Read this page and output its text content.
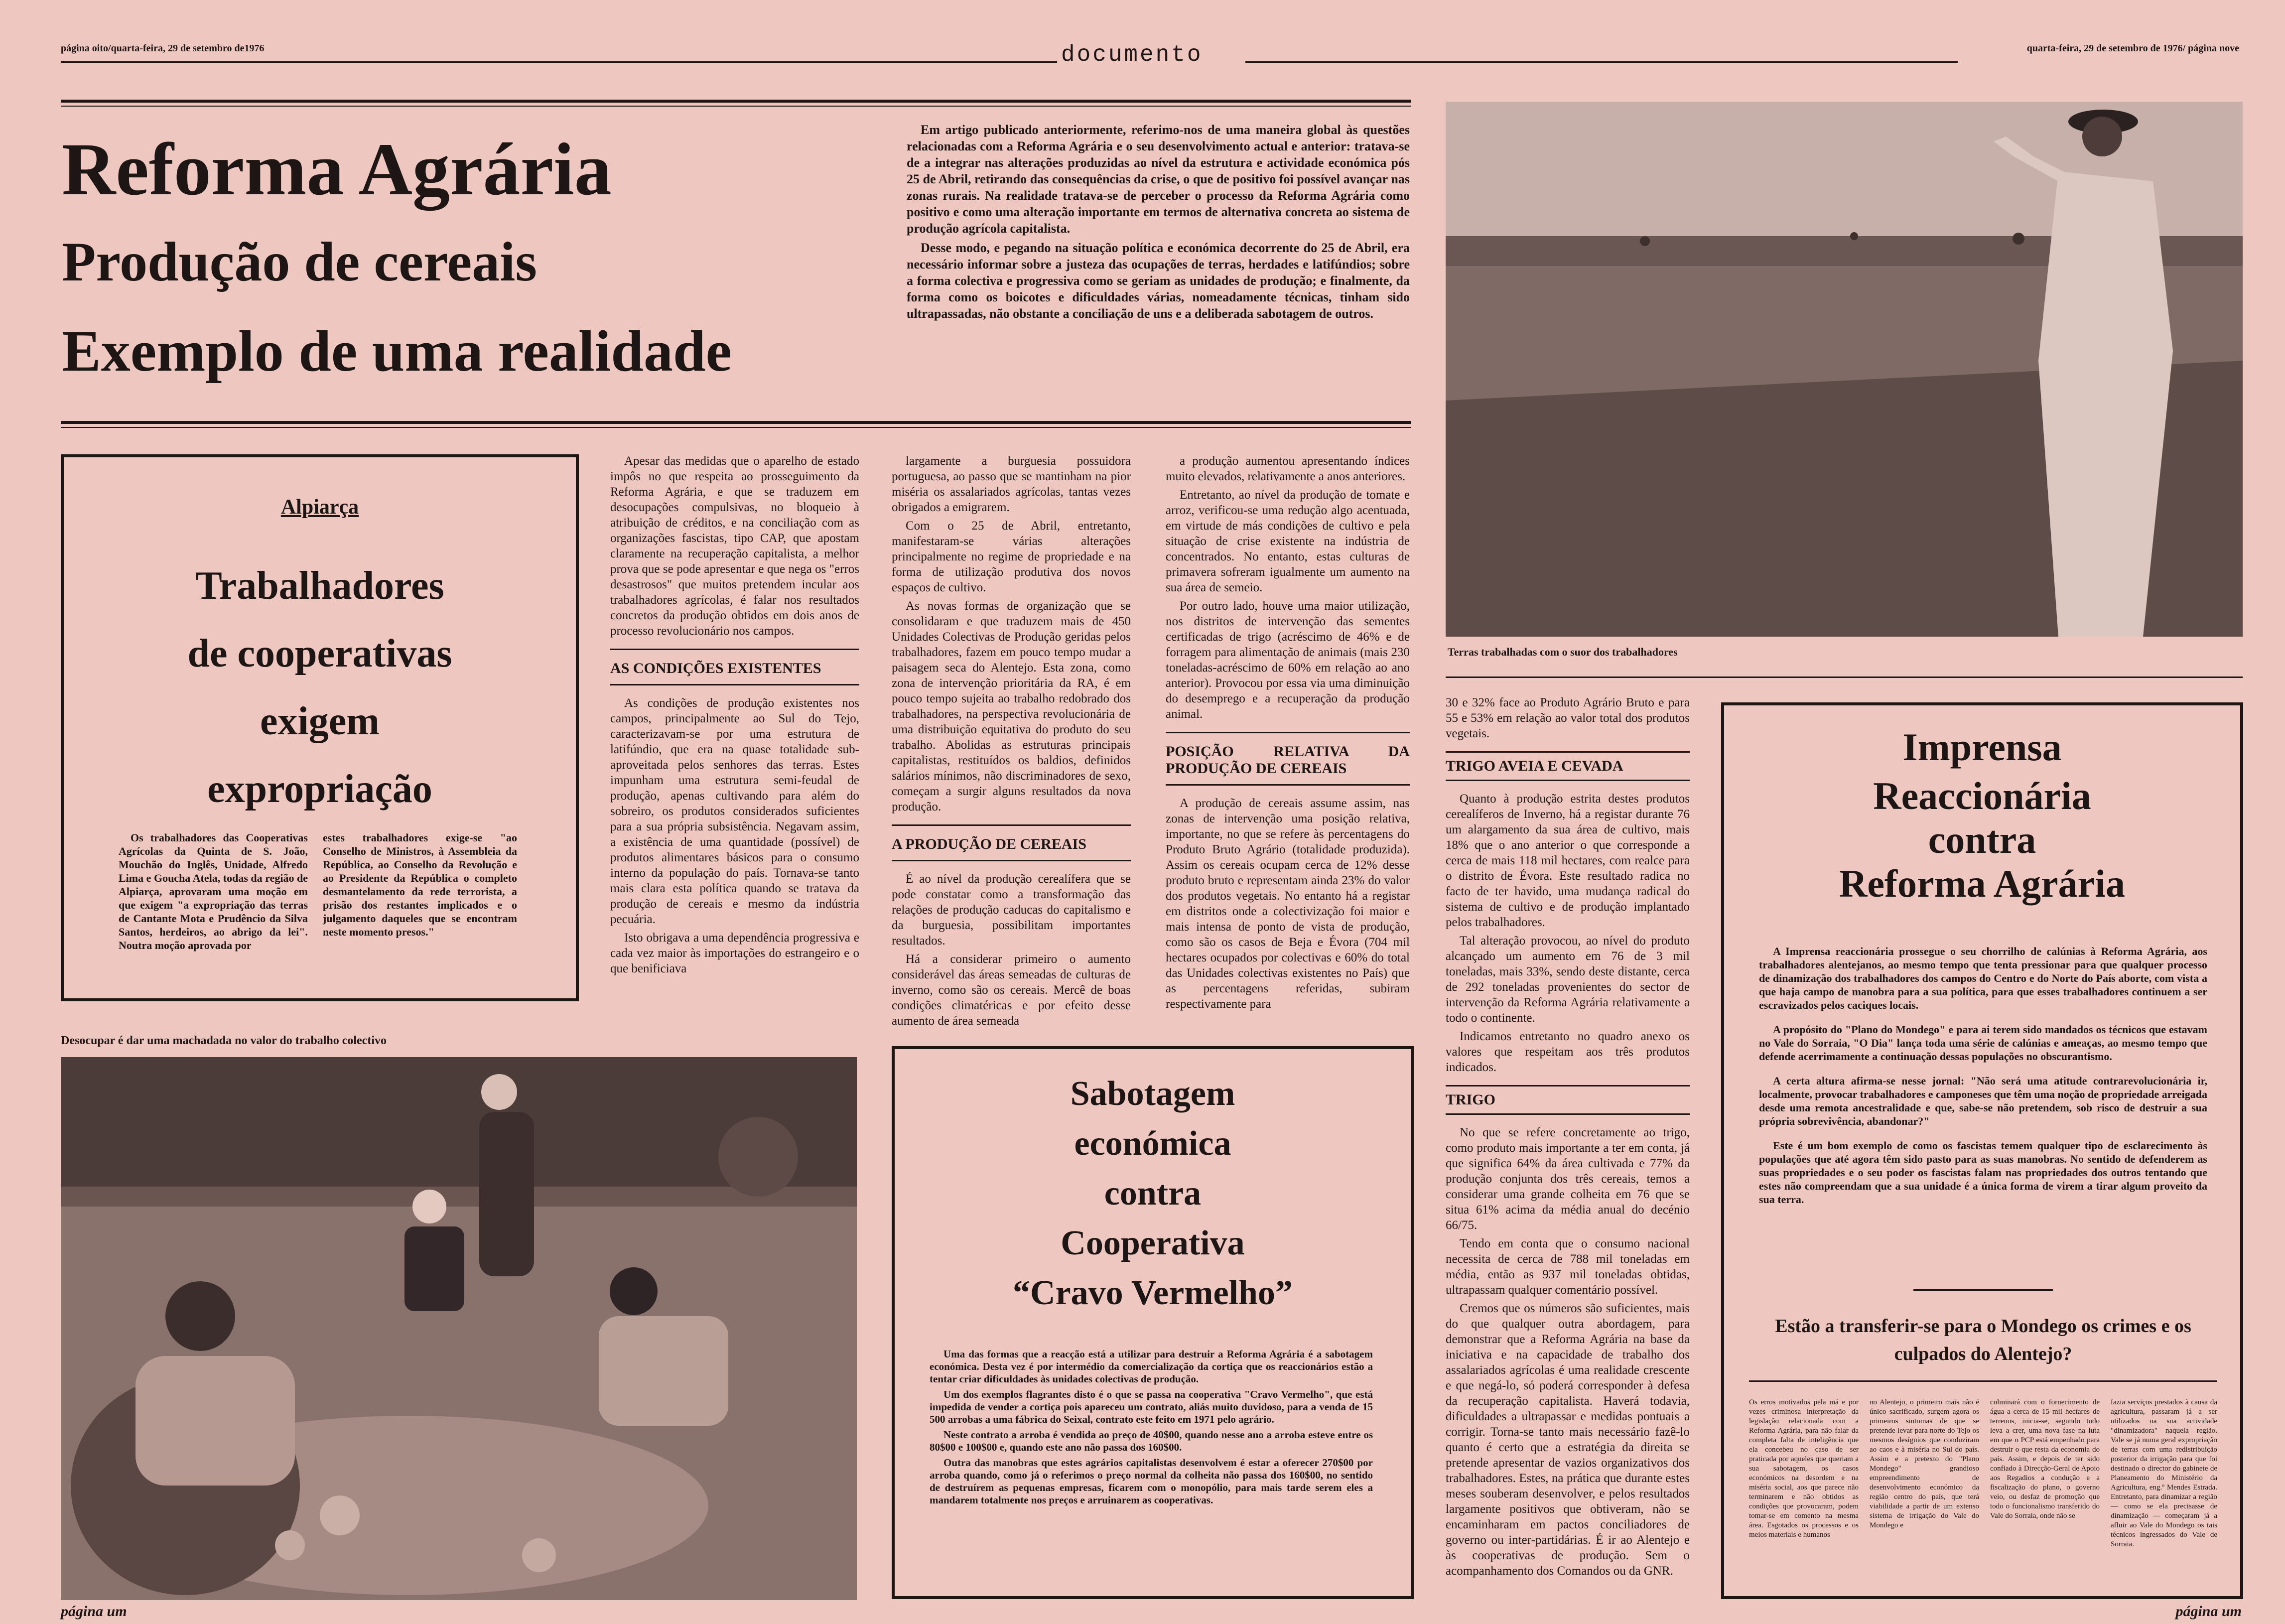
página oito/quarta-feira, 29 de setembro de1976	documento	quarta-feira, 29 de setembro de 1976/ página nove
Reforma Agrária
Produção de cereais
Exemplo de uma realidade

Em artigo publicado anteriormente, referimo-nos de uma maneira global às questões relacionadas com a Reforma Agrária e o seu desenvolvimento actual e anterior: tratava-se de a integrar nas alterações produzidas ao nível da estrutura e actividade económica pós 25 de Abril, retirando das consequências da crise, o que de positivo foi possível avançar nas zonas rurais. Na realidade tratava-se de perceber o processo da Reforma Agrária como positivo e como uma alteração importante em termos de alternativa concreta ao sistema de produção agrícola capitalista.

Desse modo, e pegando na situação política e económica decorrente do 25 de Abril, era necessário informar sobre a justeza das ocupações de terras, herdades e latifúndios; sobre a forma colectiva e progressiva como se geriam as unidades de produção; e finalmente, da forma como os boicotes e dificuldades várias, nomeadamente técnicas, tinham sido ultrapassadas, não obstante a conciliação de uns e a deliberada sabotagem de outros.

Alpiarça
Trabalhadores
de cooperativas
exigem
expropriação
Os trabalhadores das Cooperativas Agrícolas da Quinta de S. João, Mouchão do Inglês, Unidade, Alfredo Lima e Goucha Atela, todas da região de Alpiarça, aprovaram uma moção em que exigem "a expropriação das terras de Cantante Mota e Prudêncio da Silva Santos, herdeiros, ao abrigo da lei". Noutra moção aprovada por
estes trabalhadores exige-se "ao Conselho de Ministros, à Assembleia da República, ao Conselho da Revolução e ao Presidente da República o completo desmantelamento da rede terrorista, a prisão dos restantes implicados e o julgamento daqueles que se encontram neste momento presos."

Apesar das medidas que o aparelho de estado impôs no que respeita ao prosseguimento da Reforma Agrária, e que se traduzem em desocupações compulsivas, no bloqueio à atribuição de créditos, e na conciliação com as organizações fascistas, tipo CAP, que apostam claramente na recuperação capitalista, a melhor prova que se pode apresentar e que nega os "erros desastrosos" que muitos pretendem incular aos trabalhadores agrícolas, é falar nos resultados concretos da produção obtidos em dois anos de processo revolucionário nos campos.

AS CONDIÇÕES EXISTENTES

As condições de produção existentes nos campos, principalmente ao Sul do Tejo, caracterizavam-se por uma estrutura de latifúndio, que era na quase totalidade sub-aproveitada pelos senhores das terras. Estes impunham uma estrutura semi-feudal de produção, apenas cultivando para além do sobreiro, os produtos considerados suficientes para a sua própria subsistência. Negavam assim, a existência de uma quantidade (possível) de produtos alimentares básicos para o consumo interno da população do país. Tornava-se tanto mais clara esta política quando se tratava da produção de cereais e mesmo da indústria pecuária.

Isto obrigava a uma dependência progressiva e cada vez maior às importações do estrangeiro e o que benificiava

largamente a burguesia possuidora portuguesa, ao passo que se mantinham na pior miséria os assalariados agrícolas, tantas vezes obrigados a emigrarem.

Com o 25 de Abril, entretanto, manifestaram-se várias alterações principalmente no regime de propriedade e na forma de utilização produtiva dos novos espaços de cultivo.

As novas formas de organização que se consolidaram e que traduzem mais de 450 Unidades Colectivas de Produção geridas pelos trabalhadores, fazem em pouco tempo mudar a paisagem seca do Alentejo. Esta zona, como zona de intervenção prioritária da RA, é em pouco tempo sujeita ao trabalho redobrado dos trabalhadores, na perspectiva revolucionária de uma distribuição equitativa do produto do seu trabalho. Abolidas as estruturas principais capitalistas, restituídos os baldios, definidos salários mínimos, não discriminadores de sexo, começam a surgir alguns resultados da nova produção.

A PRODUÇÃO DE CEREAIS

É ao nível da produção cerealífera que se pode constatar como a transformação das relações de produção caducas do capitalismo e da burguesia, possibilitam importantes resultados.

Há a considerar primeiro o aumento considerável das áreas semeadas de culturas de inverno, como são os cereais. Mercê de boas condições climatéricas e por efeito desse aumento de área semeada

a produção aumentou apresentando índices muito elevados, relativamente a anos anteriores.

Entretanto, ao nível da produção de tomate e arroz, verificou-se uma redução algo acentuada, em virtude de más condições de cultivo e pela situação de crise existente na indústria de concentrados. No entanto, estas culturas de primavera sofreram igualmente um aumento na sua área de semeio.

Por outro lado, houve uma maior utilização, nos distritos de intervenção das sementes certificadas de trigo (acréscimo de 46% e de forragem para alimentação de animais (mais 230 toneladas-acréscimo de 60% em relação ao ano anterior). Provocou por essa via uma diminuição do desemprego e a recuperação da produção animal.

POSIÇÃO RELATIVA DA PRODUÇÃO DE CEREAIS

A produção de cereais assume assim, nas zonas de intervenção uma posição relativa, importante, no que se refere às percentagens do Produto Bruto Agrário (totalidade produzida). Assim os cereais ocupam cerca de 12% desse produto bruto e representam ainda 23% do valor dos produtos vegetais. No entanto há a registar em distritos onde a colectivização foi maior e mais intensa de ponto de vista de produção, como são os casos de Beja e Évora (704 mil hectares ocupados por colectivas e 60% do total das Unidades colectivas existentes no País) que as percentagens referidas, subiram respectivamente para

Desocupar é dar uma machadada no valor do trabalho colectivo
Sabotagem
económica
contra
Cooperativa
“Cravo Vermelho”

Uma das formas que a reacção está a utilizar para destruir a Reforma Agrária é a sabotagem económica. Desta vez é por intermédio da comercialização da cortiça que os reaccionários estão a tentar criar dificuldades às unidades colectivas de produção.

Um dos exemplos flagrantes disto é o que se passa na cooperativa "Cravo Vermelho", que está impedida de vender a cortiça pois apareceu um contrato, aliás muito duvidoso, para a venda de 15 500 arrobas a uma fábrica do Seixal, contrato este feito em 1971 pelo agrário.

Neste contrato a arroba é vendida ao preço de 40$00, quando nesse ano a arroba esteve entre os 80$00 e 100$00 e, quando este ano não passa dos 160$00.

Outra das manobras que estes agrários capitalistas desenvolvem é estar a oferecer 270$00 por arroba quando, como já o referimos o preço normal da colheita não passa dos 160$00, no sentido de destruírem as pequenas empresas, ficarem com o monopólio, para mais tarde serem eles a mandarem totalmente nos preços e arruinarem as cooperativas.

Terras trabalhadas com o suor dos trabalhadores

30 e 32% face ao Produto Agrário Bruto e para 55 e 53% em relação ao valor total dos produtos vegetais.

TRIGO AVEIA E CEVADA

Quanto à produção estrita destes produtos cerealíferos de Inverno, há a registar durante 76 um alargamento da sua área de cultivo, mais 18% que o ano anterior o que corresponde a cerca de mais 118 mil hectares, com realce para o distrito de Évora. Este resultado radica no facto de ter havido, uma mudança radical do sistema de cultivo e de produção implantado pelos trabalhadores.

Tal alteração provocou, ao nível do produto alcançado um aumento em 76 de 3 mil toneladas, mais 33%, sendo deste distante, cerca de 292 toneladas provenientes do sector de intervenção da Reforma Agrária relativamente a todo o continente.

Indicamos entretanto no quadro anexo os valores que respeitam aos três produtos indicados.

TRIGO

No que se refere concretamente ao trigo, como produto mais importante a ter em conta, já que significa 64% da área cultivada e 77% da produção conjunta dos três cereais, temos a considerar uma grande colheita em 76 que se situa 61% acima da média anual do decénio 66/75.

Tendo em conta que o consumo nacional necessita de cerca de 788 mil toneladas em média, então as 937 mil toneladas obtidas, ultrapassam qualquer comentário possível.

Cremos que os números são suficientes, mais do que qualquer outra abordagem, para demonstrar que a Reforma Agrária na base da iniciativa e na capacidade de trabalho dos assalariados agrícolas é uma realidade crescente e que negá-lo, só poderá corresponder à defesa da recuperação capitalista. Haverá todavia, dificuldades a ultrapassar e medidas pontuais a corrigir. Torna-se tanto mais necessário fazê-lo quanto é certo que a estratégia da direita se pretende apresentar de vazios organizativos dos trabalhadores. Estes, na prática que durante estes meses souberam desenvolver, e pelos resultados largamente positivos que obtiveram, não se encaminharam em pactos conciliadores de governo ou inter-partidárias. É ir ao Alentejo e às cooperativas de produção. Sem o acompanhamento dos Comandos ou da GNR.

Imprensa
Reaccionária
contra
Reforma Agrária

A Imprensa reaccionária prossegue o seu chorrilho de calúnias à Reforma Agrária, aos trabalhadores alentejanos, ao mesmo tempo que tenta pressionar para que qualquer processo de dinamização dos trabalhadores dos campos do Centro e do Norte do País aborte, com vista a que haja campo de manobra para a sua política, para que esses trabalhadores continuem a ser escravizados pelos caciques locais.

A propósito do "Plano do Mondego" e para ai terem sido mandados os técnicos que estavam no Vale do Sorraia, "O Dia" lança toda uma série de calúnias e ameaças, ao mesmo tempo que defende acerrimamente a continuação dessas populações no obscurantismo.

A certa altura afirma-se nesse jornal: "Não será uma atitude contrarevolucionária ir, localmente, provocar trabalhadores e camponeses que têm uma noção de propriedade arreigada desde uma remota ancestralidade e que, sabe-se não pretendem, sob risco de destruir a sua própria sobrevivência, abandonar?"

Este é um bom exemplo de como os fascistas temem qualquer tipo de esclarecimento às populações que até agora têm sido pasto para as suas manobras. No sentido de defenderem as suas propriedades e o seu poder os fascistas falam nas propriedades dos outros tentando que estes não compreendam que a sua unidade é a única forma de virem a tirar algum proveito da sua terra.

Estão a transferir-se para o Mondego os crimes e os culpados do Alentejo?
Os erros motivados pela má e por vezes criminosa interpretação da legislação relacionada com a Reforma Agrária, para não falar da completa falta de inteligência que ela concebeu no caso de ser praticada por aqueles que queriam a sua sabotagem, os casos económicos na desordem e na miséria social, aos que parece não terminarem e não obtidos as condições que provocaram, podem tomar-se em comento na mesma área. Esgotados os processos e os meios materiais e humanos
no Alentejo, o primeiro mais não é único sacrificado, surgem agora os primeiros sintomas de que se pretende levar para norte do Tejo os mesmos desígnios que conduziram ao caos e à miséria no Sul do país. Assim e a pretexto do "Plano Mondego" grandioso empreendimento de desenvolvimento económico da região centro do país, que terá viabilidade a partir de um extenso sistema de irrigação do Vale do Mondego e
culminará com o fornecimento de água a cerca de 15 mil hectares de terrenos, inicia-se, segundo tudo leva a crer, uma nova fase na luta em que o PCP está empenhado para destruir o que resta da economia do país. Assim, e depois de ter sido confiado à Direcção-Geral de Apoio aos Regadios a condução e a fiscalização do plano, o governo veio, ou desfaz de promoção que todo o funcionalismo transferido do Vale do Sorraia, onde não se
fazia serviços prestados à causa da agricultura, passaram já a ser utilizados na sua actividade "dinamizadora" naquela região. Vale se já numa geral expropriação de terras com uma redistribuição posterior da irrigação para que foi destinado o director do gabinete de Planeamento do Ministério da Agricultura, eng.º Mendes Estrada. Entretanto, para dinamizar a região — como se ela precisasse de dinamização — começaram já a afluir ao Vale do Mondego os tais técnicos ingressados do Vale de Sorraia.
página um	página um
